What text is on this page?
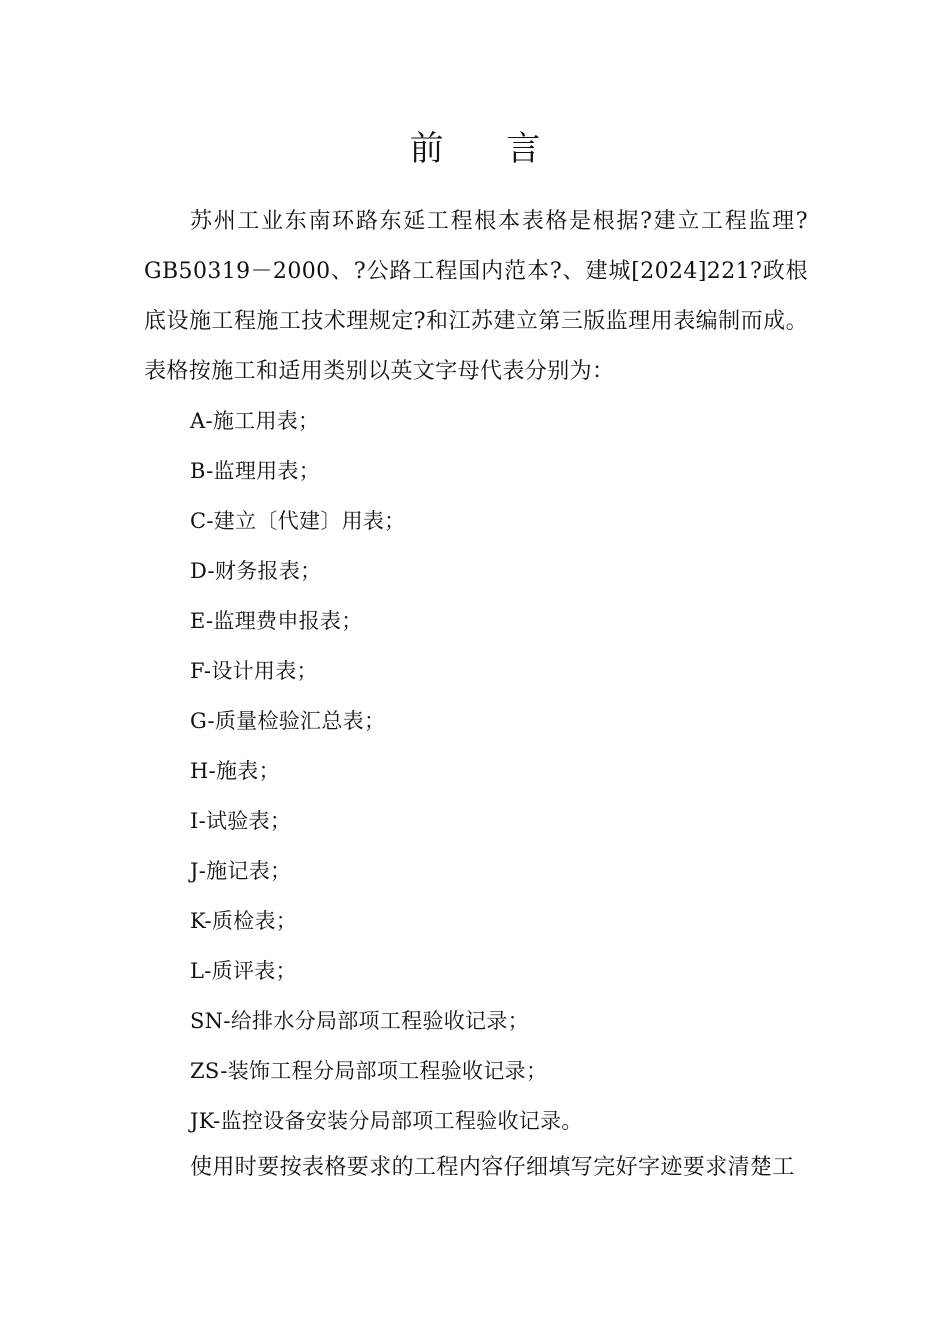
前 言

苏州工业东南环路东延工程根本表格是根据?建立工程监理?GB50319－2000、?公路工程国内范本?、建城[2024]221?政根底设施工程施工技术理规定?和江苏建立第三版监理用表编制而成。表格按施工和适用类别以英文字母代表分别为：

A-施工用表；
B-监理用表；
C-建立〔代建〕用表；
D-财务报表；
E-监理费申报表；
F-设计用表；
G-质量检验汇总表；
H-施表；
I-试验表；
J-施记表；
K-质检表；
L-质评表；
SN-给排水分局部项工程验收记录；
ZS-装饰工程分局部项工程验收记录；
JK-监控设备安装分局部项工程验收记录。

使用时要按表格要求的工程内容仔细填写完好字迹要求清楚工
